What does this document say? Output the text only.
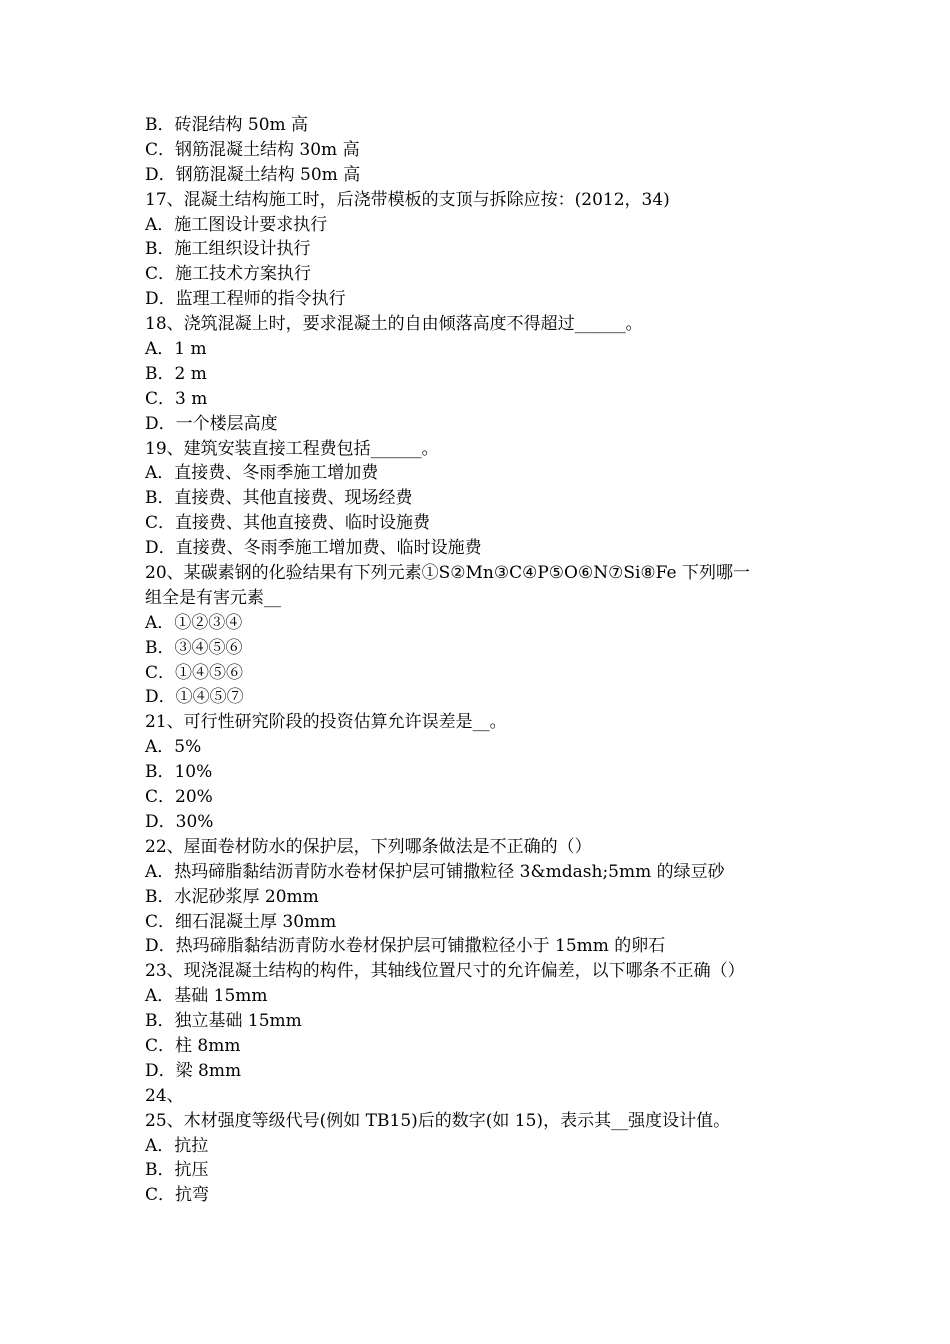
B．砖混结构 50m 高
C．钢筋混凝土结构 30m 高
D．钢筋混凝土结构 50m 高
17、混凝土结构施工时，后浇带模板的支顶与拆除应按：(2012，34)
A．施工图设计要求执行
B．施工组织设计执行
C．施工技术方案执行
D．监理工程师的指令执行
18、浇筑混凝上时，要求混凝土的自由倾落高度不得超过______。
A．1 m
B．2 m
C．3 m
D．一个楼层高度
19、建筑安装直接工程费包括______。
A．直接费、冬雨季施工增加费
B．直接费、其他直接费、现场经费
C．直接费、其他直接费、临时设施费
D．直接费、冬雨季施工增加费、临时设施费
20、某碳素钢的化验结果有下列元素①S②Mn③C④P⑤O⑥N⑦Si⑧Fe 下列哪一
组全是有害元素__
A．①②③④
B．③④⑤⑥
C．①④⑤⑥
D．①④⑤⑦
21、可行性研究阶段的投资估算允许误差是__。
A．5%
B．10%
C．20%
D．30%
22、屋面卷材防水的保护层，下列哪条做法是不正确的（）
A．热玛碲脂黏结沥青防水卷材保护层可铺撒粒径 3&mdash;5mm 的绿豆砂
B．水泥砂浆厚 20mm
C．细石混凝土厚 30mm
D．热玛碲脂黏结沥青防水卷材保护层可铺撒粒径小于 15mm 的卵石
23、现浇混凝土结构的构件，其轴线位置尺寸的允许偏差，以下哪条不正确（）
A．基础 15mm
B．独立基础 15mm
C．柱 8mm
D．梁 8mm
24、
25、木材强度等级代号(例如 TB15)后的数字(如 15)，表示其__强度设计值。
A．抗拉
B．抗压
C．抗弯
